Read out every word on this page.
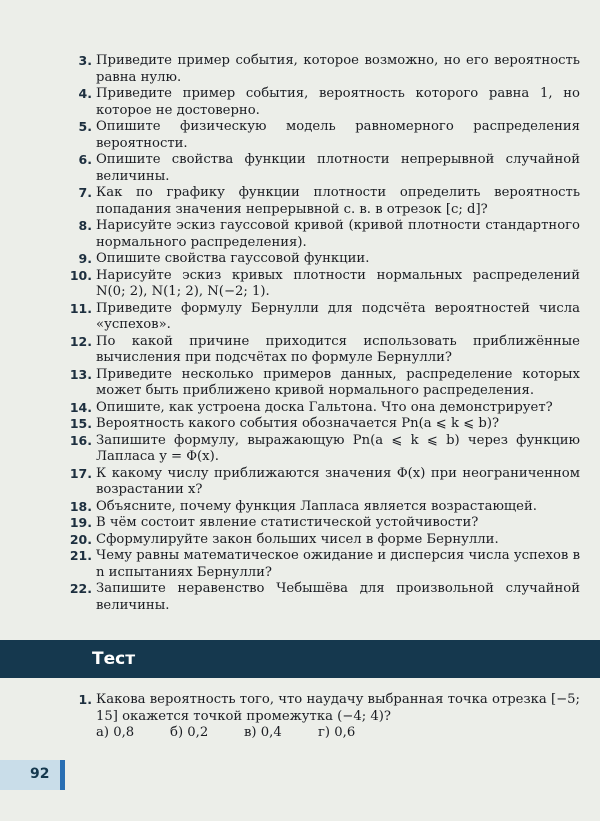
3. Приведите пример события, которое возможно, но его вероятность равна нулю.
4. Приведите пример события, вероятность которого равна 1, но которое не достоверно.
5. Опишите физическую модель равномерного распределения вероятности.
6. Опишите свойства функции плотности непрерывной случайной величины.
7. Как по графику функции плотности определить вероятность попадания значения непрерывной с. в. в отрезок [c; d]?
8. Нарисуйте эскиз гауссовой кривой (кривой плотности стандартного нормального распределения).
9. Опишите свойства гауссовой функции.
10. Нарисуйте эскиз кривых плотности нормальных распределений N(0; 2), N(1; 2), N(−2; 1).
11. Приведите формулу Бернулли для подсчёта вероятностей числа «успехов».
12. По какой причине приходится использовать приближённые вычисления при подсчётах по формуле Бернулли?
13. Приведите несколько примеров данных, распределение которых может быть приближено кривой нормального распределения.
14. Опишите, как устроена доска Гальтона. Что она демонстрирует?
15. Вероятность какого события обозначается Pn(a ⩽ k ⩽ b)?
16. Запишите формулу, выражающую Pn(a ⩽ k ⩽ b) через функцию Лапласа y = Φ(x).
17. К какому числу приближаются значения Φ(x) при неограниченном возрастании x?
18. Объясните, почему функция Лапласа является возрастающей.
19. В чём состоит явление статистической устойчивости?
20. Сформулируйте закон больших чисел в форме Бернулли.
21. Чему равны математическое ожидание и дисперсия числа успехов в n испытаниях Бернулли?
22. Запишите неравенство Чебышёва для произвольной случайной величины.
Тест
1. Какова вероятность того, что наудачу выбранная точка отрезка [−5; 15] окажется точкой промежутка (−4; 4)?
а) 0,8	б) 0,2	в) 0,4	г) 0,6
92
